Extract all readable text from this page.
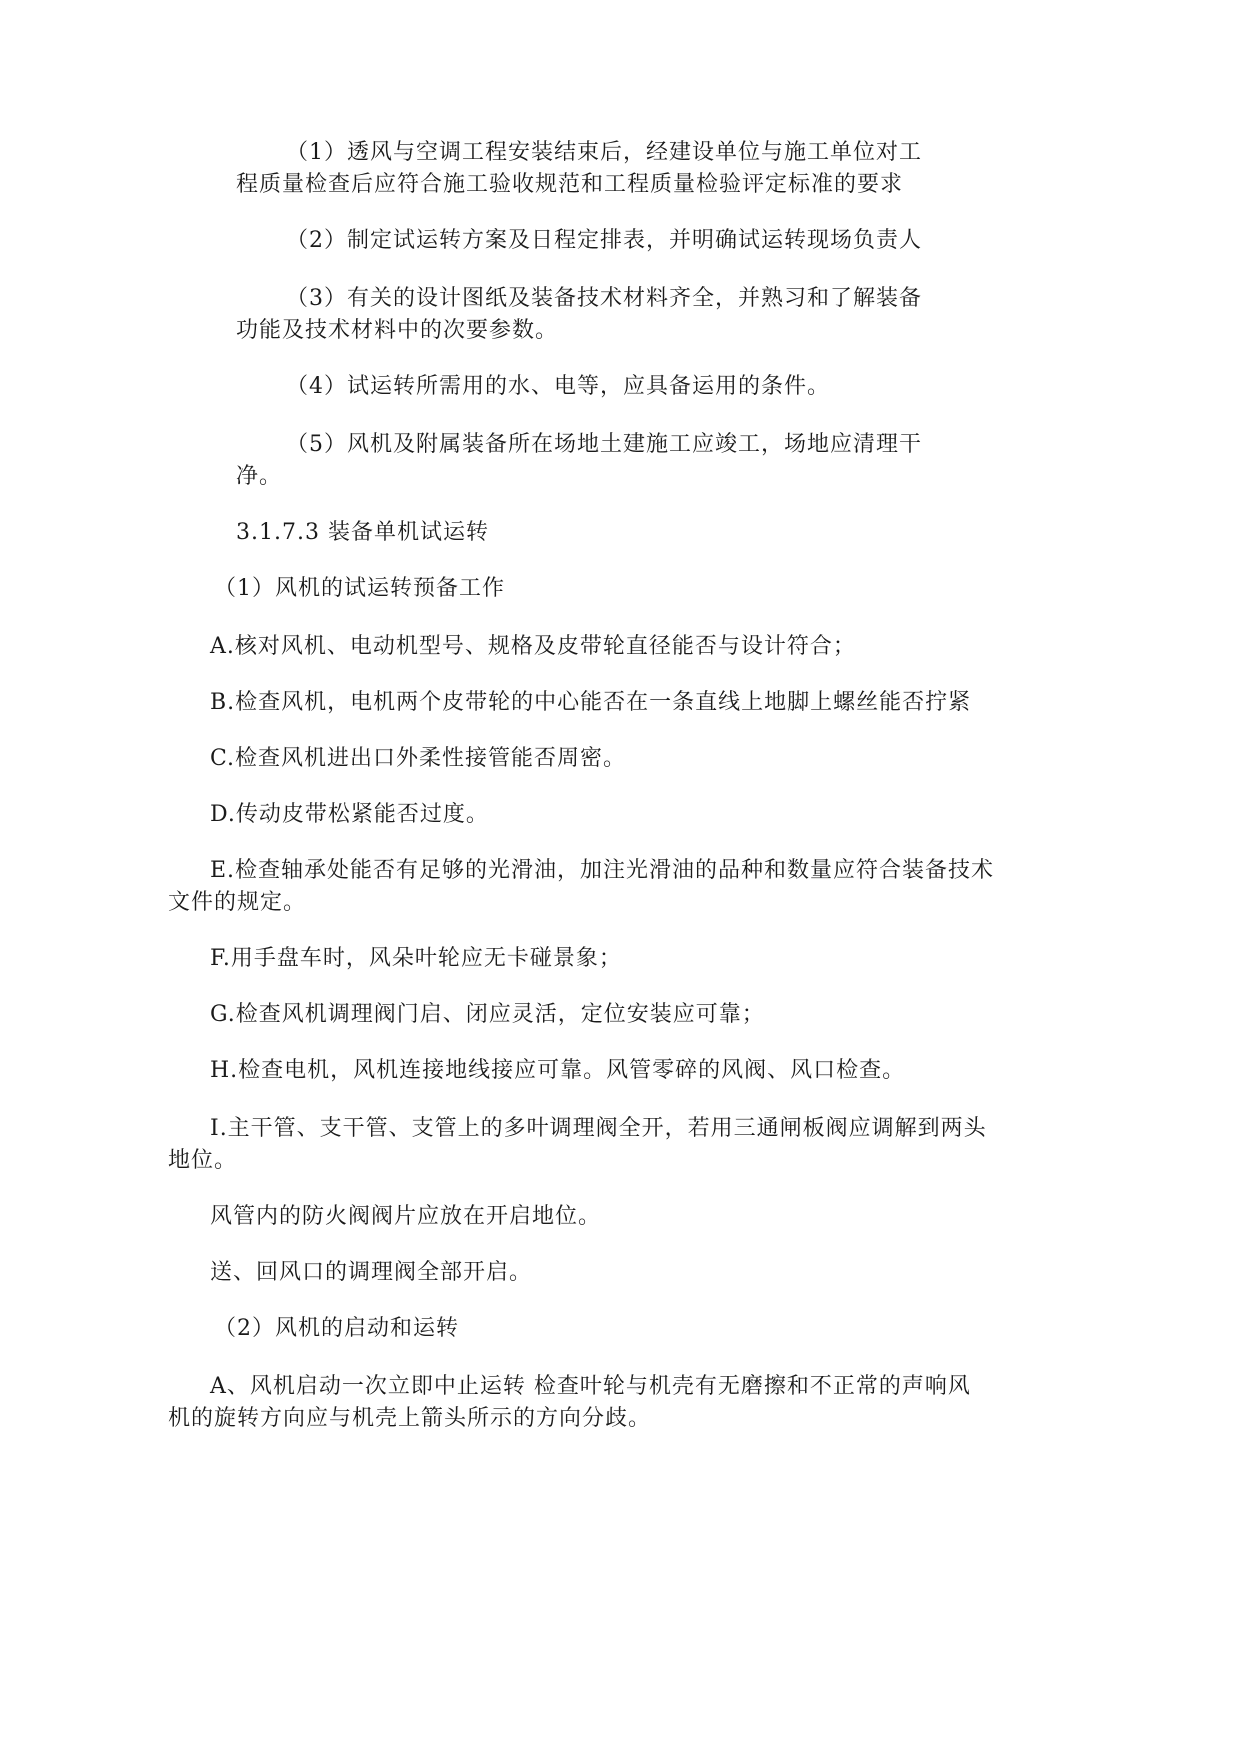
（1）透风与空调工程安装结束后，经建设单位与施工单位对工
程质量检查后应符合施工验收规范和工程质量检验评定标准的要求
（2）制定试运转方案及日程定排表，并明确试运转现场负责人
（3）有关的设计图纸及装备技术材料齐全，并熟习和了解装备
功能及技术材料中的次要参数。
（4）试运转所需用的水、电等，应具备运用的条件。
（5）风机及附属装备所在场地土建施工应竣工，场地应清理干
净。
3.1.7.3 装备单机试运转
（1）风机的试运转预备工作
A.核对风机、电动机型号、规格及皮带轮直径能否与设计符合；
B.检查风机，电机两个皮带轮的中心能否在一条直线上地脚上螺丝能否拧紧
C.检查风机进出口外柔性接管能否周密。
D.传动皮带松紧能否过度。
E.检查轴承处能否有足够的光滑油，加注光滑油的品种和数量应符合装备技术
文件的规定。
F.用手盘车时，风朵叶轮应无卡碰景象；
G.检查风机调理阀门启、闭应灵活，定位安装应可靠；
H.检查电机，风机连接地线接应可靠。风管零碎的风阀、风口检查。
I.主干管、支干管、支管上的多叶调理阀全开，若用三通闸板阀应调解到两头
地位。
风管内的防火阀阀片应放在开启地位。
送、回风口的调理阀全部开启。
（2）风机的启动和运转
A、风机启动一次立即中止运转 检查叶轮与机壳有无磨擦和不正常的声响风
机的旋转方向应与机壳上箭头所示的方向分歧。
